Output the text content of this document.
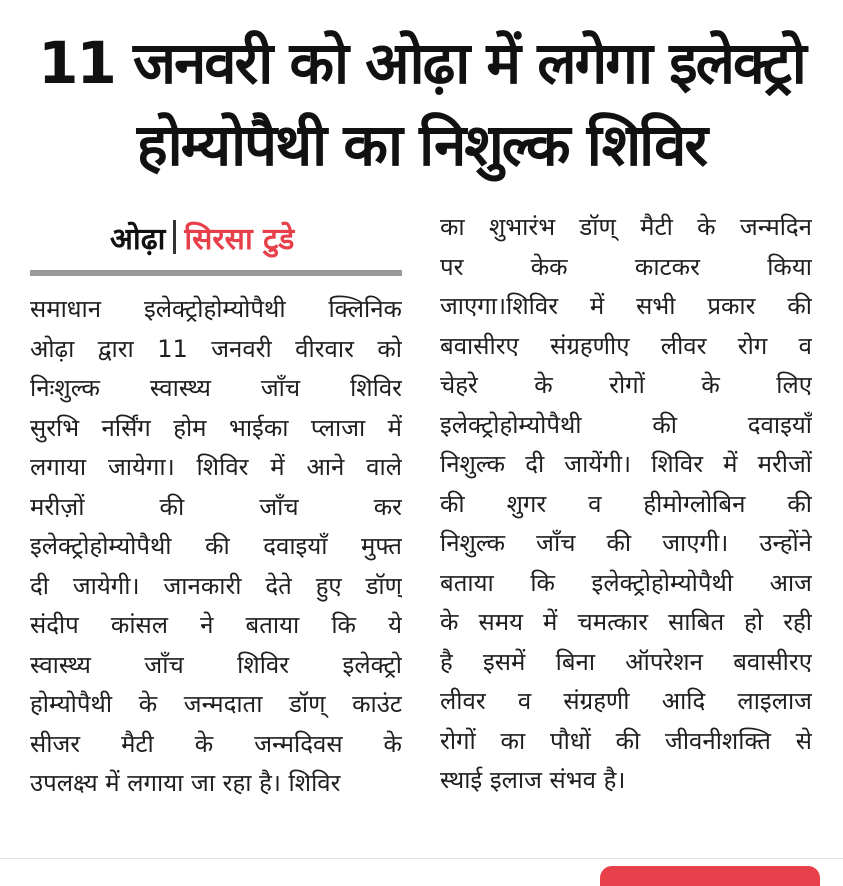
11 जनवरी को ओढ़ा में लगेगा इलेक्ट्रो
होम्योपैथी का निशुल्क शिविर
ओढ़ा सिरसा टुडे
समाधान इलेक्ट्रोहोम्योपैथी क्लिनिक
ओढ़ा द्वारा 11 जनवरी वीरवार को
निःशुल्क स्वास्थ्य जाँच शिविर
सुरभि नर्सिंग होम भाईका प्लाजा में
लगाया जायेगा। शिविर में आने वाले
मरीज़ों की जाँच कर
इलेक्ट्रोहोम्योपैथी की दवाइयाँ मुफ्त
दी जायेगी। जानकारी देते हुए डॉण्
संदीप कांसल ने बताया कि ये
स्वास्थ्य जाँच शिविर इलेक्ट्रो
होम्योपैथी के जन्मदाता डॉण् काउंट
सीजर मैटी के जन्मदिवस के
उपलक्ष्य में लगाया जा रहा है। शिविर
का शुभारंभ डॉण् मैटी के जन्मदिन
पर केक काटकर किया
जाएगा।शिविर में सभी प्रकार की
बवासीरए संग्रहणीए लीवर रोग व
चेहरे के रोगों के लिए
इलेक्ट्रोहोम्योपैथी की दवाइयाँ
निशुल्क दी जायेंगी। शिविर में मरीजों
की शुगर व हीमोग्लोबिन की
निशुल्क जाँच की जाएगी। उन्होंने
बताया कि इलेक्ट्रोहोम्योपैथी आज
के समय में चमत्कार साबित हो रही
है इसमें बिना ऑपरेशन बवासीरए
लीवर व संग्रहणी आदि लाइलाज
रोगों का पौधों की जीवनीशक्ति से
स्थाई इलाज संभव है।
